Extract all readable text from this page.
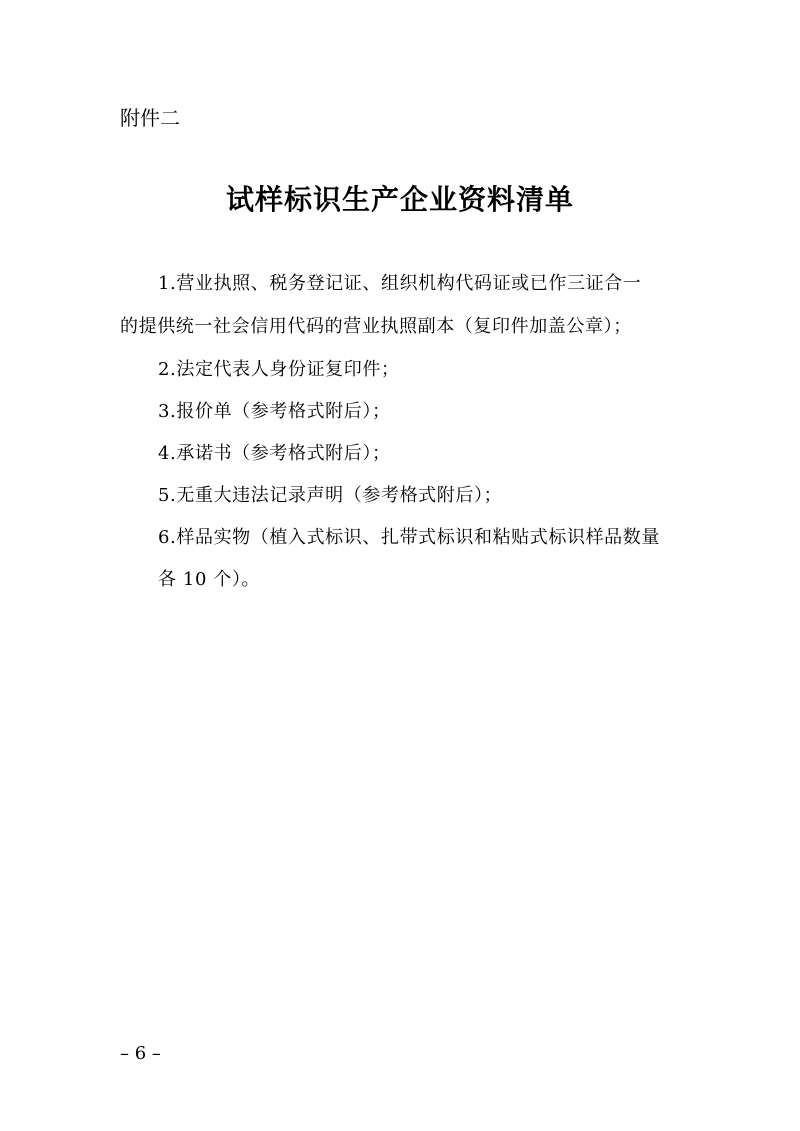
附件二
试样标识生产企业资料清单
1.营业执照、税务登记证、组织机构代码证或已作三证合一
的提供统一社会信用代码的营业执照副本（复印件加盖公章）；
2.法定代表人身份证复印件；
3.报价单（参考格式附后）；
4.承诺书（参考格式附后）；
5.无重大违法记录声明（参考格式附后）；
6.样品实物（植入式标识、扎带式标识和粘贴式标识样品数量
各 10 个）。
– 6 –
